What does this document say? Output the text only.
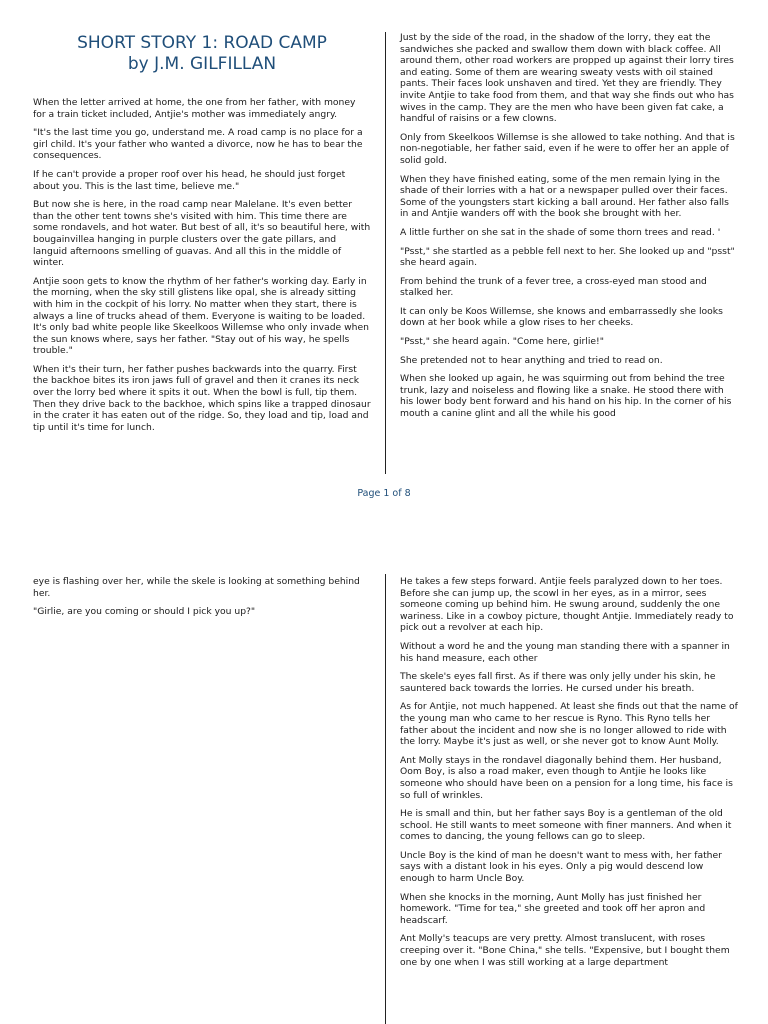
SHORT STORY 1: ROAD CAMP
by J.M. GILFILLAN

When the letter arrived at home, the one from her father, with money for a train ticket included, Antjie's mother was immediately angry.

"It's the last time you go, understand me. A road camp is no place for a girl child. It's your father who wanted a divorce, now he has to bear the consequences.

If he can't provide a proper roof over his head, he should just forget about you. This is the last time, believe me."

But now she is here, in the road camp near Malelane. It's even better than the other tent towns she's visited with him. This time there are some rondavels, and hot water. But best of all, it's so beautiful here, with bougainvillea hanging in purple clusters over the gate pillars, and languid afternoons smelling of guavas. And all this in the middle of winter.

Antjie soon gets to know the rhythm of her father's working day. Early in the morning, when the sky still glistens like opal, she is already sitting with him in the cockpit of his lorry. No matter when they start, there is always a line of trucks ahead of them. Everyone is waiting to be loaded. It's only bad white people like Skeelkoos Willemse who only invade when the sun knows where, says her father. "Stay out of his way, he spells trouble."

When it's their turn, her father pushes backwards into the quarry. First the backhoe bites its iron jaws full of gravel and then it cranes its neck over the lorry bed where it spits it out. When the bowl is full, tip them. Then they drive back to the backhoe, which spins like a trapped dinosaur in the crater it has eaten out of the ridge. So, they load and tip, load and tip until it's time for lunch.

Just by the side of the road, in the shadow of the lorry, they eat the sandwiches she packed and swallow them down with black coffee. All around them, other road workers are propped up against their lorry tires and eating. Some of them are wearing sweaty vests with oil stained pants. Their faces look unshaven and tired. Yet they are friendly. They invite Antjie to take food from them, and that way she finds out who has wives in the camp. They are the men who have been given fat cake, a handful of raisins or a few clowns.

Only from Skeelkoos Willemse is she allowed to take nothing. And that is non-negotiable, her father said, even if he were to offer her an apple of solid gold.

When they have finished eating, some of the men remain lying in the shade of their lorries with a hat or a newspaper pulled over their faces. Some of the youngsters start kicking a ball around. Her father also falls in and Antjie wanders off with the book she brought with her.

A little further on she sat in the shade of some thorn trees and read. '

"Psst," she startled as a pebble fell next to her. She looked up and "psst" she heard again.

From behind the trunk of a fever tree, a cross-eyed man stood and stalked her.

It can only be Koos Willemse, she knows and embarrassedly she looks down at her book while a glow rises to her cheeks.

"Psst," she heard again. "Come here, girlie!"

She pretended not to hear anything and tried to read on.

When she looked up again, he was squirming out from behind the tree trunk, lazy and noiseless and flowing like a snake. He stood there with his lower body bent forward and his hand on his hip. In the corner of his mouth a canine glint and all the while his good

Page 1 of 8

eye is flashing over her, while the skele is looking at something behind her.

"Girlie, are you coming or should I pick you up?"

He takes a few steps forward. Antjie feels paralyzed down to her toes. Before she can jump up, the scowl in her eyes, as in a mirror, sees someone coming up behind him. He swung around, suddenly the one wariness. Like in a cowboy picture, thought Antjie. Immediately ready to pick out a revolver at each hip.

Without a word he and the young man standing there with a spanner in his hand measure, each other

The skele's eyes fall first. As if there was only jelly under his skin, he sauntered back towards the lorries. He cursed under his breath.

As for Antjie, not much happened. At least she finds out that the name of the young man who came to her rescue is Ryno. This Ryno tells her father about the incident and now she is no longer allowed to ride with the lorry. Maybe it's just as well, or she never got to know Aunt Molly.

Ant Molly stays in the rondavel diagonally behind them. Her husband, Oom Boy, is also a road maker, even though to Antjie he looks like someone who should have been on a pension for a long time, his face is so full of wrinkles.

He is small and thin, but her father says Boy is a gentleman of the old school. He still wants to meet someone with finer manners. And when it comes to dancing, the young fellows can go to sleep.

Uncle Boy is the kind of man he doesn't want to mess with, her father says with a distant look in his eyes. Only a pig would descend low enough to harm Uncle Boy.

When she knocks in the morning, Aunt Molly has just finished her homework. "Time for tea," she greeted and took off her apron and headscarf.

Ant Molly's teacups are very pretty. Almost translucent, with roses creeping over it. "Bone China," she tells. "Expensive, but I bought them one by one when I was still working at a large department
